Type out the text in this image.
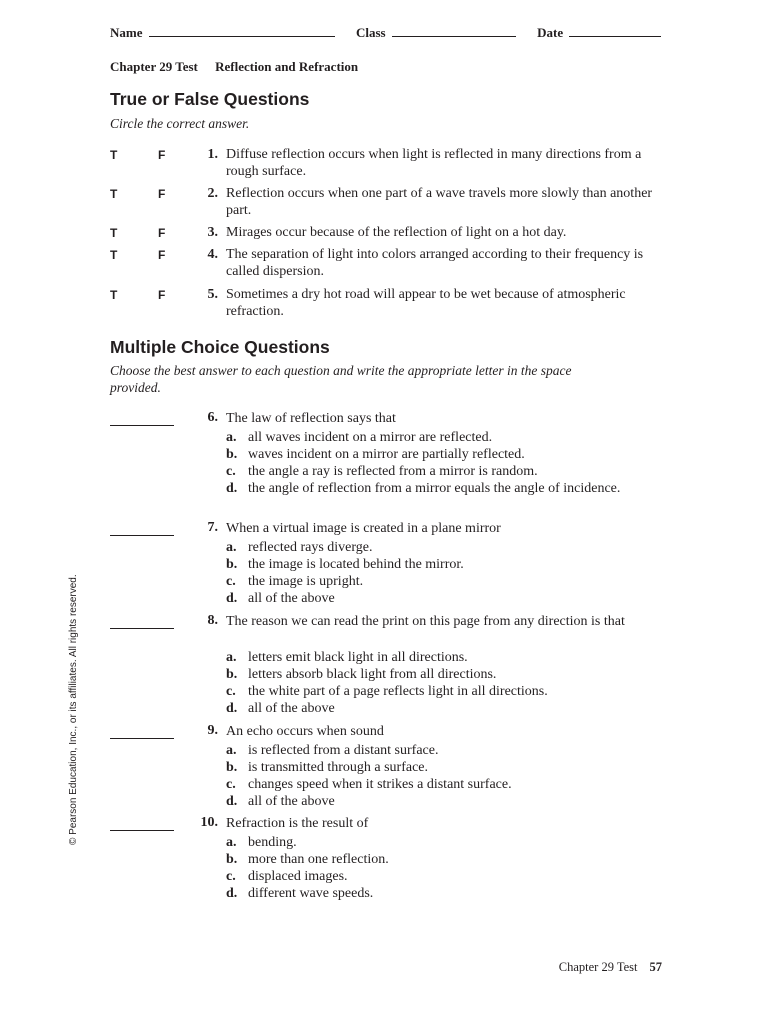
Name	Class	Date
Chapter 29 Test Reflection and Refraction
True or False Questions
Circle the correct answer.
T	F	1. Diffuse reflection occurs when light is reflected in many directions from a rough surface.
T	F	2. Reflection occurs when one part of a wave travels more slowly than another part.
T	F	3. Mirages occur because of the reflection of light on a hot day.
T	F	4. The separation of light into colors arranged according to their frequency is called dispersion.
T	F	5. Sometimes a dry hot road will appear to be wet because of atmospheric refraction.
Multiple Choice Questions
Choose the best answer to each question and write the appropriate letter in the space provided.
6. The law of reflection says that
a. all waves incident on a mirror are reflected.
b. waves incident on a mirror are partially reflected.
c. the angle a ray is reflected from a mirror is random.
d. the angle of reflection from a mirror equals the angle of incidence.
7. When a virtual image is created in a plane mirror
a. reflected rays diverge.
b. the image is located behind the mirror.
c. the image is upright.
d. all of the above
8. The reason we can read the print on this page from any direction is that
a. letters emit black light in all directions.
b. letters absorb black light from all directions.
c. the white part of a page reflects light in all directions.
d. all of the above
9. An echo occurs when sound
a. is reflected from a distant surface.
b. is transmitted through a surface.
c. changes speed when it strikes a distant surface.
d. all of the above
10. Refraction is the result of
a. bending.
b. more than one reflection.
c. displaced images.
d. different wave speeds.
© Pearson Education, Inc., or its affiliates. All rights reserved.
Chapter 29 Test 57
